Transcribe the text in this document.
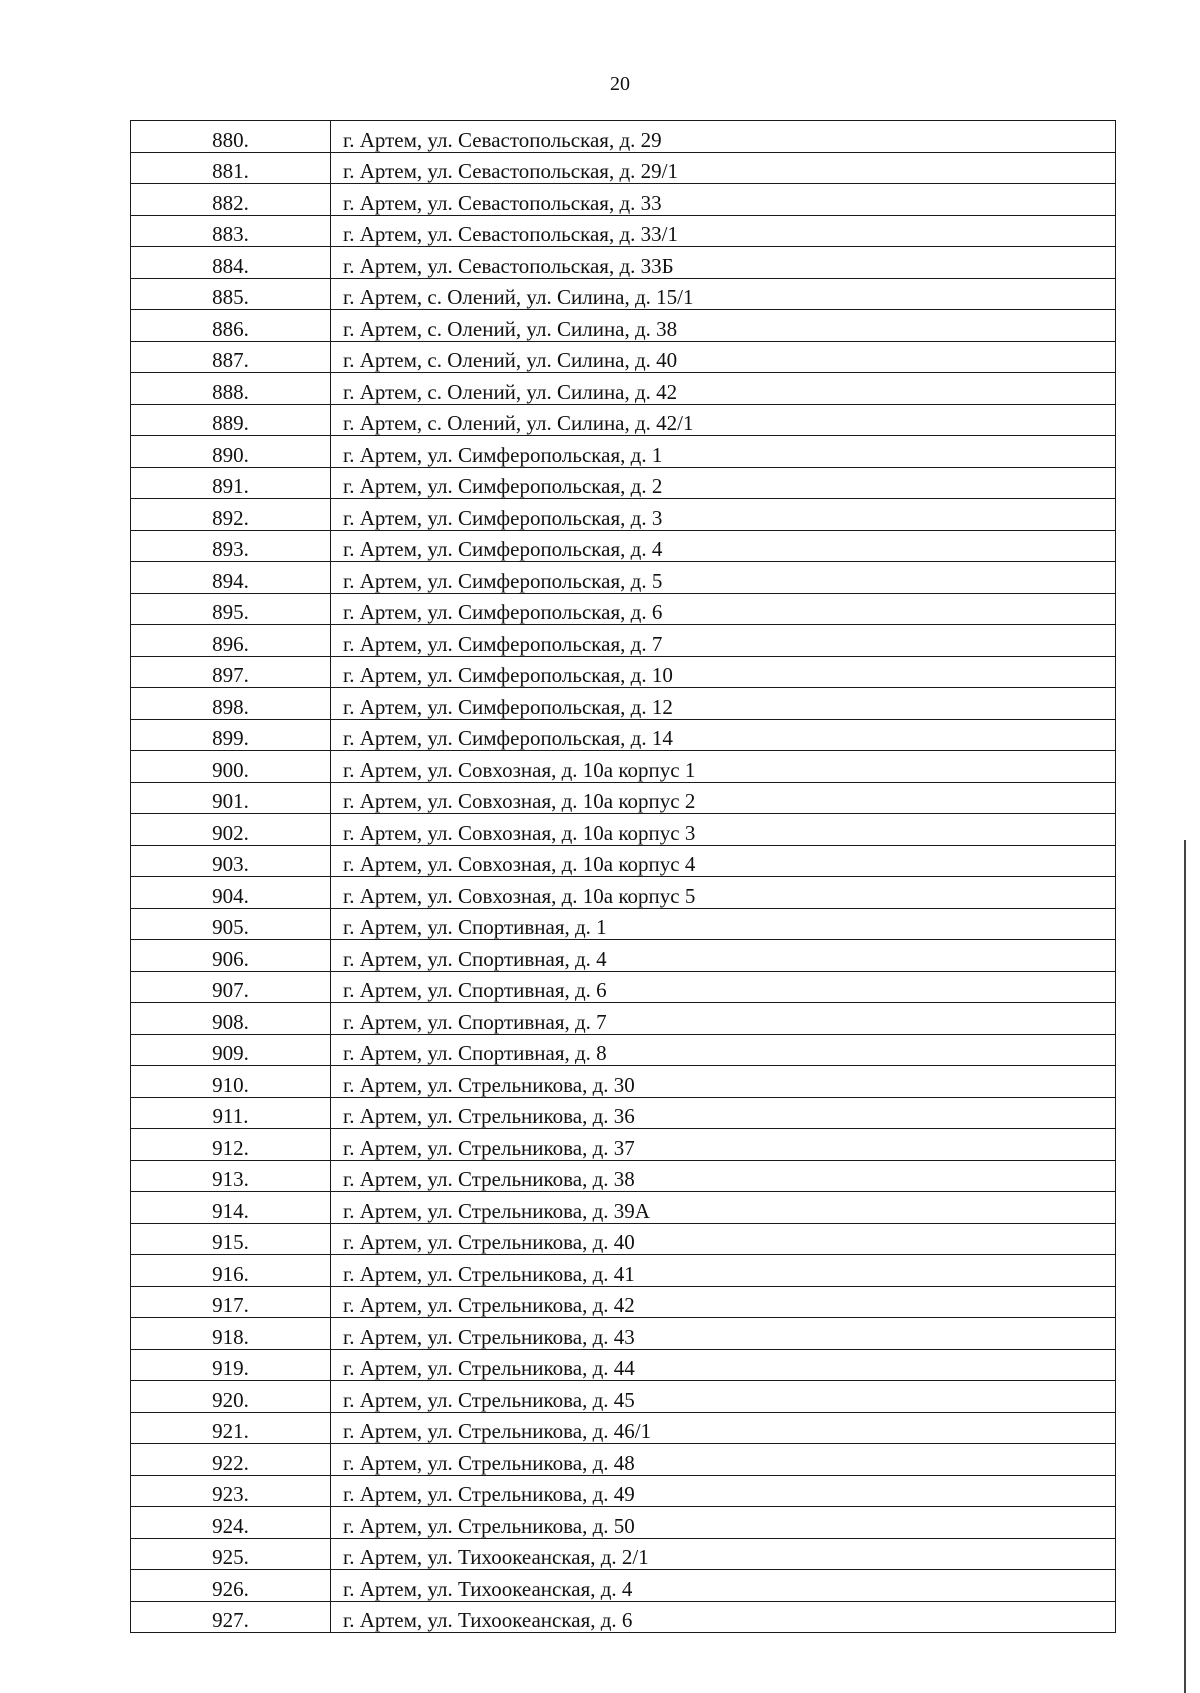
20
880.	г. Артем, ул. Севастопольская, д. 29
881.	г. Артем, ул. Севастопольская, д. 29/1
882.	г. Артем, ул. Севастопольская, д. 33
883.	г. Артем, ул. Севастопольская, д. 33/1
884.	г. Артем, ул. Севастопольская, д. 33Б
885.	г. Артем, с. Олений, ул. Силина, д. 15/1
886.	г. Артем, с. Олений, ул. Силина, д. 38
887.	г. Артем, с. Олений, ул. Силина, д. 40
888.	г. Артем, с. Олений, ул. Силина, д. 42
889.	г. Артем, с. Олений, ул. Силина, д. 42/1
890.	г. Артем, ул. Симферопольская, д. 1
891.	г. Артем, ул. Симферопольская, д. 2
892.	г. Артем, ул. Симферопольская, д. 3
893.	г. Артем, ул. Симферопольская, д. 4
894.	г. Артем, ул. Симферопольская, д. 5
895.	г. Артем, ул. Симферопольская, д. 6
896.	г. Артем, ул. Симферопольская, д. 7
897.	г. Артем, ул. Симферопольская, д. 10
898.	г. Артем, ул. Симферопольская, д. 12
899.	г. Артем, ул. Симферопольская, д. 14
900.	г. Артем, ул. Совхозная, д. 10а корпус 1
901.	г. Артем, ул. Совхозная, д. 10а корпус 2
902.	г. Артем, ул. Совхозная, д. 10а корпус 3
903.	г. Артем, ул. Совхозная, д. 10а корпус 4
904.	г. Артем, ул. Совхозная, д. 10а корпус 5
905.	г. Артем, ул. Спортивная, д. 1
906.	г. Артем, ул. Спортивная, д. 4
907.	г. Артем, ул. Спортивная, д. 6
908.	г. Артем, ул. Спортивная, д. 7
909.	г. Артем, ул. Спортивная, д. 8
910.	г. Артем, ул. Стрельникова, д. 30
911.	г. Артем, ул. Стрельникова, д. 36
912.	г. Артем, ул. Стрельникова, д. 37
913.	г. Артем, ул. Стрельникова, д. 38
914.	г. Артем, ул. Стрельникова, д. 39А
915.	г. Артем, ул. Стрельникова, д. 40
916.	г. Артем, ул. Стрельникова, д. 41
917.	г. Артем, ул. Стрельникова, д. 42
918.	г. Артем, ул. Стрельникова, д. 43
919.	г. Артем, ул. Стрельникова, д. 44
920.	г. Артем, ул. Стрельникова, д. 45
921.	г. Артем, ул. Стрельникова, д. 46/1
922.	г. Артем, ул. Стрельникова, д. 48
923.	г. Артем, ул. Стрельникова, д. 49
924.	г. Артем, ул. Стрельникова, д. 50
925.	г. Артем, ул. Тихоокеанская, д. 2/1
926.	г. Артем, ул. Тихоокеанская, д. 4
927.	г. Артем, ул. Тихоокеанская, д. 6
